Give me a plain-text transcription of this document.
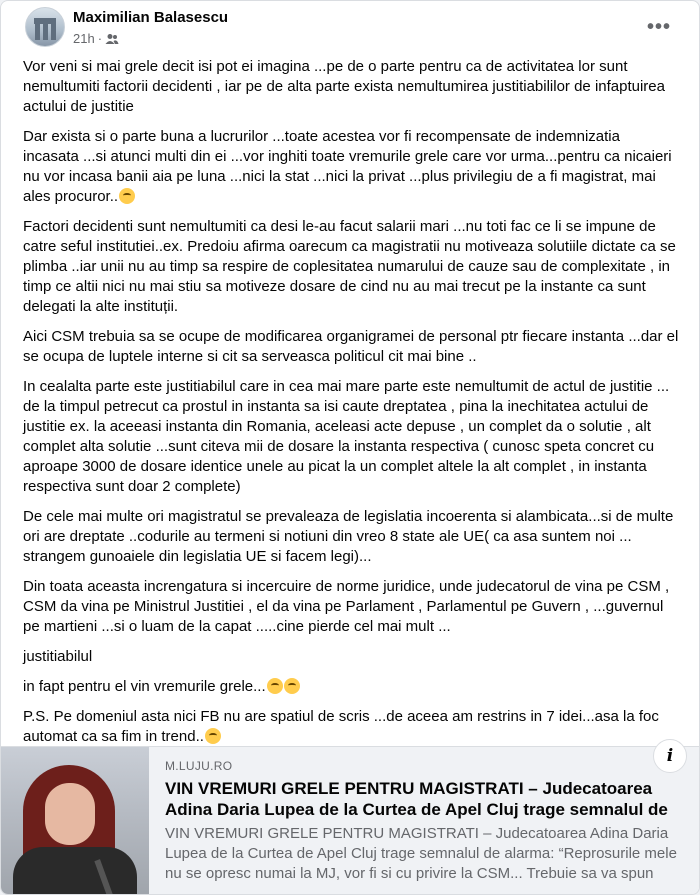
Maximilian Balasescu
21h ·
•••

Vor veni si mai grele decit isi pot ei imagina ...pe de o parte pentru ca de activitatea lor sunt nemultumiti factorii decidenti , iar pe de alta parte exista nemultumirea justitiabililor de infaptuirea actului de justitie

Dar exista si o parte buna a lucrurilor ...toate acestea vor fi recompensate de indemnizatia incasata ...si atunci multi din ei ...vor inghiti toate vremurile grele care vor urma...pentru ca nicaieri nu vor incasa banii aia pe luna ...nici la stat ...nici la privat ...plus privilegiu de a fi magistrat, mai ales procuror..

Factori decidenti sunt nemultumiti ca desi le-au facut salarii mari ...nu toti fac ce li se impune de catre seful institutiei..ex. Predoiu afirma oarecum ca magistratii nu motiveaza solutiile dictate ca se plimba ..iar unii nu au timp sa respire de coplesitatea numarului de cauze sau de complexitate , in timp ce altii nici nu mai stiu sa motiveze dosare de cind nu au mai trecut pe la instante ca sunt delegati la alte instituții.

Aici CSM trebuia sa se ocupe de modificarea organigramei de personal ptr fiecare instanta ...dar el se ocupa de luptele interne si cit sa serveasca politicul cit mai bine ..

In cealalta parte este justitiabilul care in cea mai mare parte este nemultumit de actul de justitie ... de la timpul petrecut ca prostul in instanta sa isi caute dreptatea , pina la inechitatea actului de justitie ex. la aceeasi instanta din Romania, aceleasi acte depuse , un complet da o solutie , alt complet alta solutie ...sunt citeva mii de dosare la instanta respectiva ( cunosc speta concret cu aproape 3000 de dosare identice unele au picat la un complet altele la alt complet , in instanta respectiva sunt doar 2 complete)

De cele mai multe ori magistratul se prevaleaza de legislatia incoerenta si alambicata...si de multe ori are dreptate ..codurile au termeni si notiuni din vreo 8 state ale UE( ca asa suntem noi ... strangem gunoaiele din legislatia UE si facem legi)...

Din toata aceasta increngatura si incercuire de norme juridice, unde judecatorul de vina pe CSM , CSM da vina pe Ministrul Justitiei , el da vina pe Parlament , Parlamentul pe Guvern , ...guvernul pe martieni ...si o luam de la capat .....cine pierde cel mai mult ...

justitiabilul

in fapt pentru el vin vremurile grele...

P.S. Pe domeniul asta nici FB nu are spatiul de scris ...de aceea am restrins in 7 idei...asa la foc automat ca sa fim in trend..

M.LUJU.RO
VIN VREMURI GRELE PENTRU MAGISTRATI – Judecatoarea Adina Daria Lupea de la Curtea de Apel Cluj trage semnalul de
VIN VREMURI GRELE PENTRU MAGISTRATI – Judecatoarea Adina Daria Lupea de la Curtea de Apel Cluj trage semnalul de alarma: “Reprosurile mele nu se opresc numai la MJ, vor fi si cu privire la CSM... Trebuie sa va spun
i
